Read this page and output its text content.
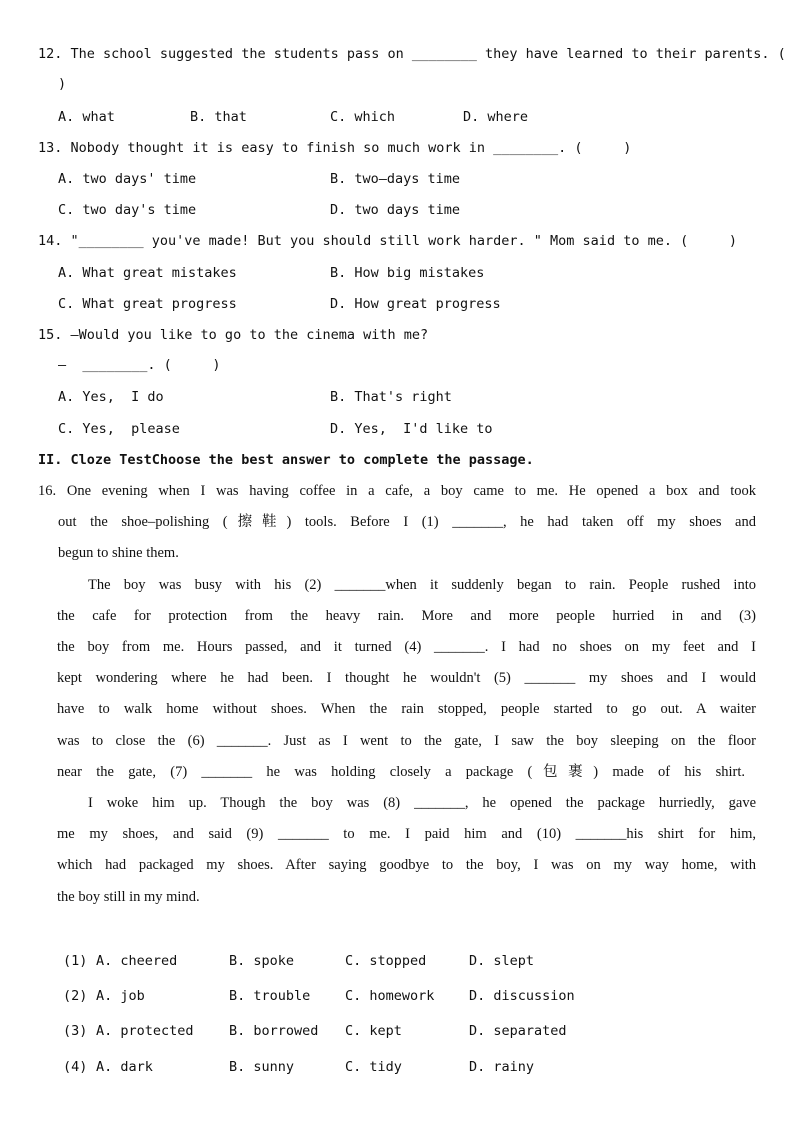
12. The school suggested the students pass on ________ they have learned to their parents. (
)
A. what	B. that	C. which	D. where
13. Nobody thought it is easy to finish so much work in ________. (     )
A. two days' time	B. two–days time
C. two day's time	D. two days time
14. "________ you've made! But you should still work harder. " Mom said to me. (     )
A. What great mistakes	B. How big mistakes
C. What great progress	D. How great progress
15. –Would you like to go to the cinema with me?
–  ________. (     )
A. Yes,  I do	B. That's right
C. Yes,  please	D. Yes,  I'd like to
II. Cloze TestChoose the best answer to complete the passage.
16. One evening when I was having coffee in a cafe, a boy came to me. He opened a box and took
out the shoe–polishing (擦鞋) tools. Before I (1) _______, he had taken off my shoes and
begun to shine them.
The boy was busy with his (2) _______when it suddenly began to rain. People rushed into
the cafe for protection from the heavy rain. More and more people hurried in and (3)
the boy from me. Hours passed, and it turned (4) _______. I had no shoes on my feet and I
kept wondering where he had been. I thought he wouldn't (5) _______ my shoes and I would
have to walk home without shoes. When the rain stopped, people started to go out. A waiter
was to close the (6) _______. Just as I went to the gate, I saw the boy sleeping on the floor
near the gate, (7) _______ he was holding closely a package (包裹) made of his shirt.
I woke him up. Though the boy was (8) _______, he opened the package hurriedly, gave
me my shoes, and said (9) _______ to me. I paid him and (10) _______his shirt for him,
which had packaged my shoes. After saying goodbye to the boy, I was on my way home, with
the boy still in my mind.
(1) A. cheered	B. spoke	C. stopped	D. slept
(2) A. job	B. trouble	C. homework	D. discussion
(3) A. protected	B. borrowed C. kept	D. separated
(4) A. dark	B. sunny	C. tidy	D. rainy
